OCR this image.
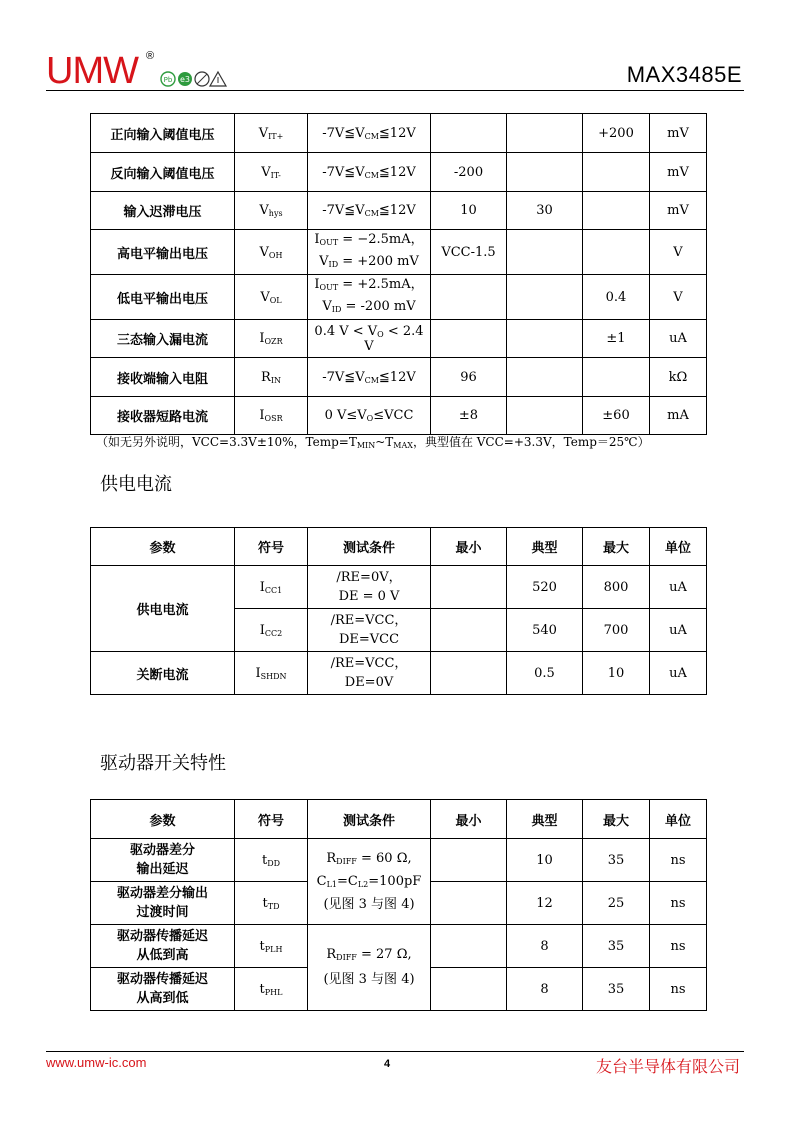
UMW ®
Pb e3	MAX3485E
正向输入阈值电压	$V_{IT+}$	$-7V≦V_{CM}≦12V$			+200	mV
反向输入阈值电压	$V_{IT-}$	$-7V≦V_{CM}≦12V$	-200			mV
输入迟滞电压	$V_{hys}$	$-7V≦V_{CM}≦12V$	10	30		mV
高电平输出电压	$V_{OH}$	$I_{OUT} = -2.5mA$，
$V_{ID} = +200$ mV	VCC-1.5			V
低电平输出电压	$V_{OL}$	$I_{OUT} = +2.5mA$，
$V_{ID} = -200$ mV			0.4	V
三态输入漏电流	$I_{OZR}$	0.4 $V < V_O < 2.4$ V			±1	uA
接收端输入电阻	$R_{IN}$	$-7V≦V_{CM}≦12V$	96			kΩ
接收器短路电流	$I_{OSR}$	0 $V\le V_O\le VCC$	±8		±60	mA
（如无另外说明，VCC=3.3V±10%，$Temp=T_{MIN}\sim T_{MAX}$，典型值在 VCC=+3.3V，Temp＝25℃）
供电电流
参数	符号	测试条件	最小	典型	最大	单位
供电电流	$I_{CC1}$	/RE=0V，
DE = 0 V		520	800	uA
	$I_{CC2}$	/RE=VCC，
DE=VCC		540	700	uA
关断电流	$I_{SHDN}$	/RE=VCC，
DE=0V		0.5	10	uA
驱动器开关特性
参数	符号	测试条件	最小	典型	最大	单位
驱动器差分
输出延迟	$t_{DD}$	$R_{DIFF} = 60$ Ω,
$C_{L1}=C_{L2}=100pF$
(见图 3 与图 4)		10	35	ns
驱动器差分输出
过渡时间	$t_{TD}$			12	25	ns
驱动器传播延迟
从低到高	$t_{PLH}$	$R_{DIFF} = 27$ Ω,
(见图 3 与图 4)		8	35	ns
驱动器传播延迟
从高到低	$t_{PHL}$			8	35	ns
www.umw-ic.com	4	友台半导体有限公司
